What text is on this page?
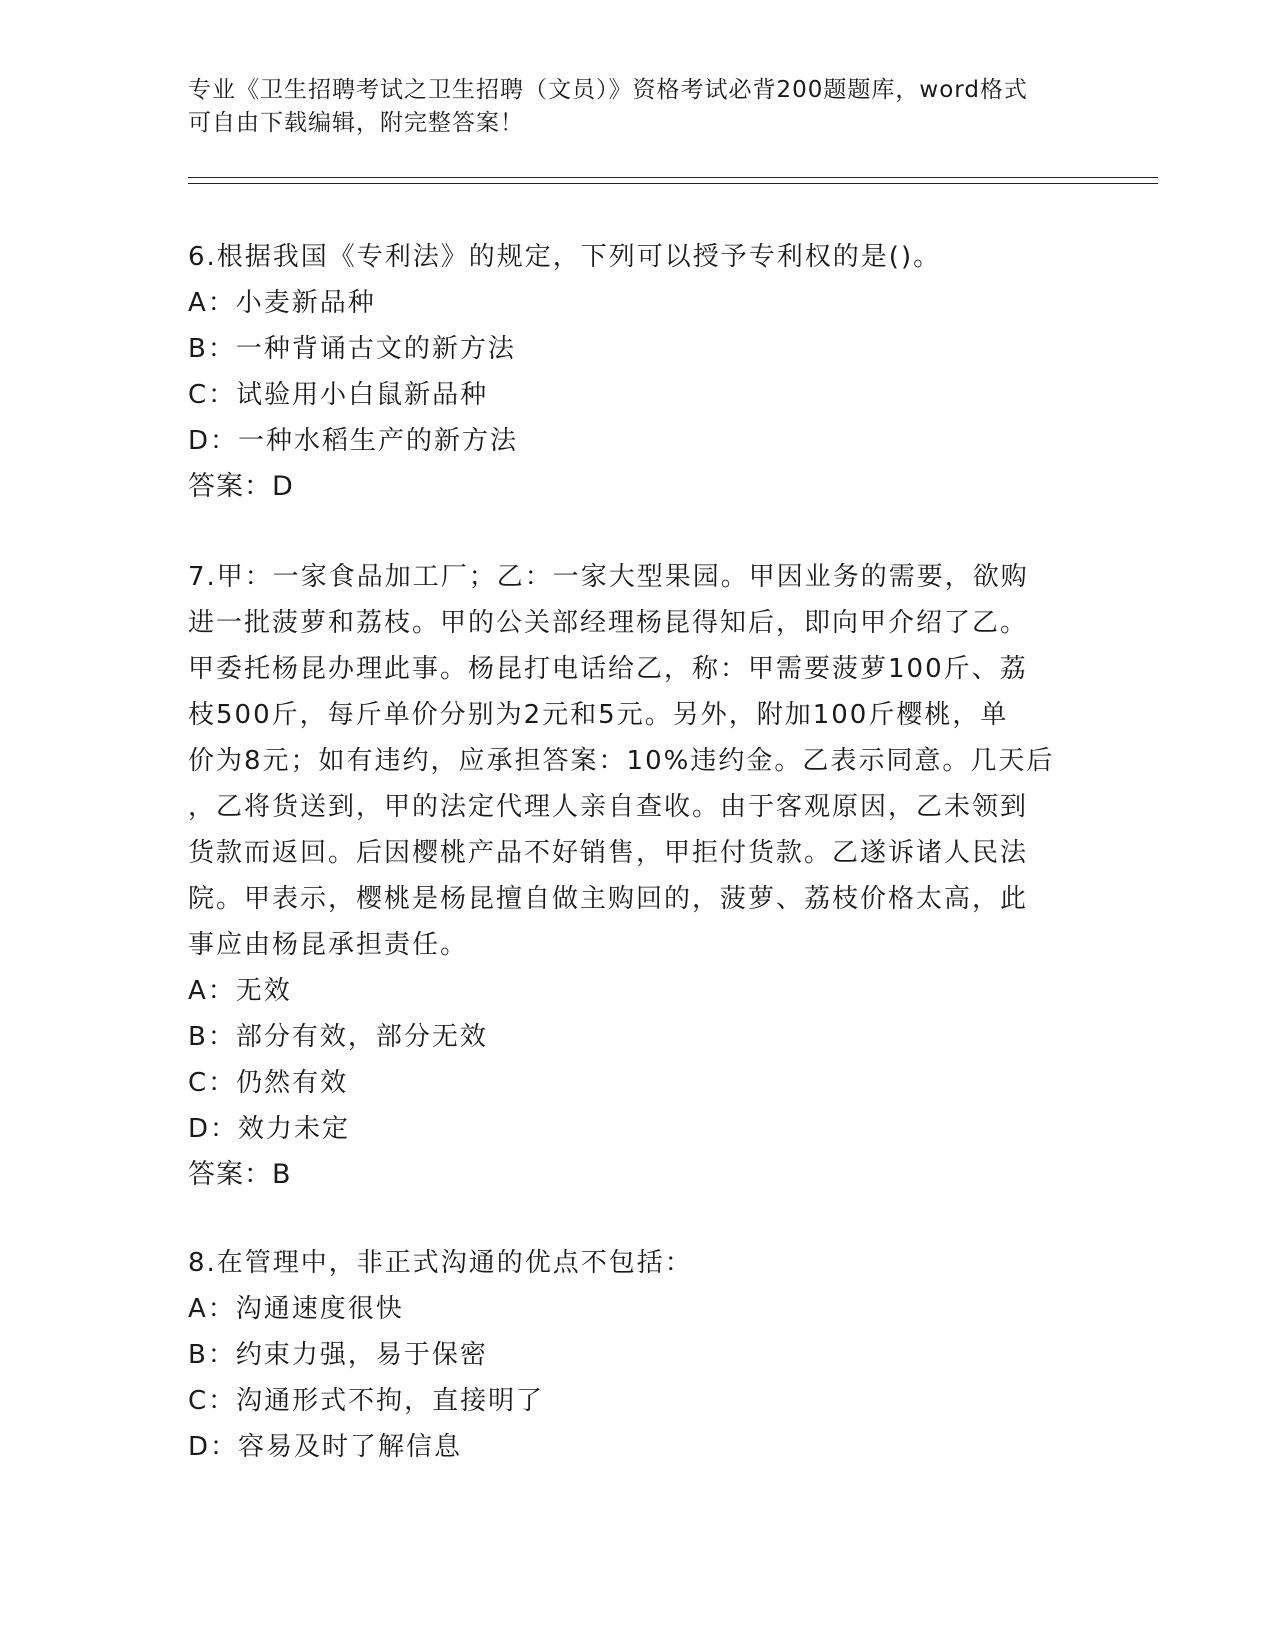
专业《卫生招聘考试之卫生招聘（文员）》资格考试必背200题题库，word格式
可自由下载编辑，附完整答案！
6.根据我国《专利法》的规定，下列可以授予专利权的是()。
A：小麦新品种
B：一种背诵古文的新方法
C：试验用小白鼠新品种
D：一种水稻生产的新方法
答案：D
7.甲：一家食品加工厂；乙：一家大型果园。甲因业务的需要，欲购
进一批菠萝和荔枝。甲的公关部经理杨昆得知后，即向甲介绍了乙。
甲委托杨昆办理此事。杨昆打电话给乙，称：甲需要菠萝100斤、荔
枝500斤，每斤单价分别为2元和5元。另外，附加100斤樱桃，单
价为8元；如有违约，应承担答案：10%违约金。乙表示同意。几天后
，乙将货送到，甲的法定代理人亲自查收。由于客观原因，乙未领到
货款而返回。后因樱桃产品不好销售，甲拒付货款。乙遂诉诸人民法
院。甲表示，樱桃是杨昆擅自做主购回的，菠萝、荔枝价格太高，此
事应由杨昆承担责任。
A：无效
B：部分有效，部分无效
C：仍然有效
D：效力未定
答案：B
8.在管理中，非正式沟通的优点不包括：
A：沟通速度很快
B：约束力强，易于保密
C：沟通形式不拘，直接明了
D：容易及时了解信息
